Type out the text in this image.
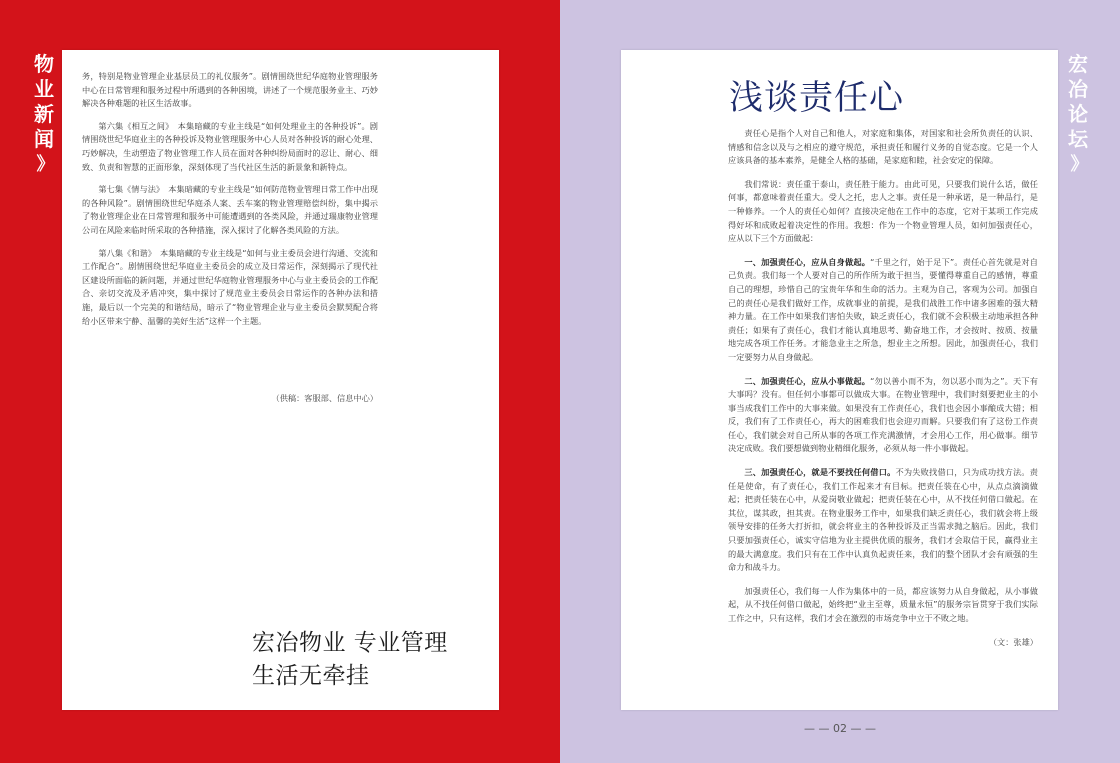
物
业
新
闻
》
宏
冶
论
坛
》

务，特别是物业管理企业基层员工的礼仪服务”。剧情围绕世纪华庭物业管理服务中心在日常管理和服务过程中所遇到的各种困境，讲述了一个规范服务业主、巧妙解决各种难题的社区生活故事。

第六集《相互之间》　本集暗藏的专业主线是“如何处理业主的各种投诉”。剧情围绕世纪华庭业主的各种投诉及物业管理服务中心人员对各种投诉的耐心处理、巧妙解决，生动塑造了物业管理工作人员在面对各种纠纷局面时的忍让、耐心、细致、负责和智慧的正面形象，深刻体现了当代社区生活的新景象和新特点。

第七集《情与法》　本集暗藏的专业主线是“如何防范物业管理日常工作中出现的各种风险”。剧情围绕世纪华庭杀人案、丢车案的物业管理赔偿纠纷，集中揭示了物业管理企业在日常管理和服务中可能遭遇到的各类风险，并通过瑞康物业管理公司在风险来临时所采取的各种措施，深入探讨了化解各类风险的方法。

第八集《和谐》　本集暗藏的专业主线是“如何与业主委员会进行沟通、交流和工作配合”。剧情围绕世纪华庭业主委员会的成立及日常运作，深刻揭示了现代社区建设所面临的新问题，并通过世纪华庭物业管理服务中心与业主委员会的工作配合、亲切交流及矛盾冲突，集中探讨了规范业主委员会日常运作的各种办法和措施，最后以一个完美的和谐结局，暗示了“物业管理企业与业主委员会默契配合将给小区带来宁静、温馨的美好生活”这样一个主题。

（供稿：客服部、信息中心）
宏冶物业 专业管理
生活无牵挂
浅谈责任心

责任心是指个人对自己和他人，对家庭和集体，对国家和社会所负责任的认识、情感和信念以及与之相应的遵守规范，承担责任和履行义务的自觉态度。它是一个人应该具备的基本素养，是健全人格的基础，是家庭和睦，社会安定的保障。

我们常说：责任重于泰山，责任胜于能力。由此可见，只要我们说什么话，做任何事，都意味着责任重大。受人之托，忠人之事。责任是一种承诺，是一种品行，是一种修养。一个人的责任心如何？直接决定他在工作中的态度，它对于某项工作完成得好坏和成败起着决定性的作用。我想：作为一个物业管理人员，如何加强责任心，应从以下三个方面做起：

一、加强责任心，应从自身做起。“千里之行，始于足下”。责任心首先就是对自己负责。我们每一个人要对自己的所作所为敢于担当，要懂得尊重自己的感情，尊重自己的理想，珍惜自己的宝贵年华和生命的活力。主观为自己，客观为公司。加强自己的责任心是我们做好工作，成就事业的前提，是我们战胜工作中诸多困难的强大精神力量。在工作中如果我们害怕失败，缺乏责任心，我们就不会积极主动地承担各种责任；如果有了责任心，我们才能认真地思考、勤奋地工作，才会按时、按质、按量地完成各项工作任务。才能急业主之所急，想业主之所想。因此，加强责任心，我们一定要努力从自身做起。

二、加强责任心，应从小事做起。“勿以善小而不为，勿以恶小而为之”。天下有大事吗？没有。但任何小事都可以做成大事。在物业管理中，我们时刻要把业主的小事当成我们工作中的大事来做。如果没有工作责任心，我们也会因小事酿成大错；相反，我们有了工作责任心，再大的困难我们也会迎刃而解。只要我们有了这份工作责任心，我们就会对自己所从事的各项工作充满激情，才会用心工作，用心做事。细节决定成败。我们要想做到物业精细化服务，必须从每一件小事做起。

三、加强责任心，就是不要找任何借口。不为失败找借口，只为成功找方法。责任是使命，有了责任心，我们工作起来才有目标。把责任装在心中，从点点滴滴做起；把责任装在心中，从爱岗敬业做起；把责任装在心中，从不找任何借口做起。在其位，谋其政，担其责。在物业服务工作中，如果我们缺乏责任心，我们就会将上级领导安排的任务大打折扣，就会将业主的各种投诉及正当需求抛之脑后。因此，我们只要加强责任心，诚实守信地为业主提供优质的服务，我们才会取信于民，赢得业主的最大满意度。我们只有在工作中认真负起责任来，我们的整个团队才会有顽强的生命力和战斗力。

加强责任心，我们每一人作为集体中的一员，都应该努力从自身做起，从小事做起，从不找任何借口做起，始终把“业主至尊，质量永恒”的服务宗旨贯穿于我们实际工作之中，只有这样，我们才会在激烈的市场竞争中立于不败之地。

（文：张雄）
— — 02 — —
